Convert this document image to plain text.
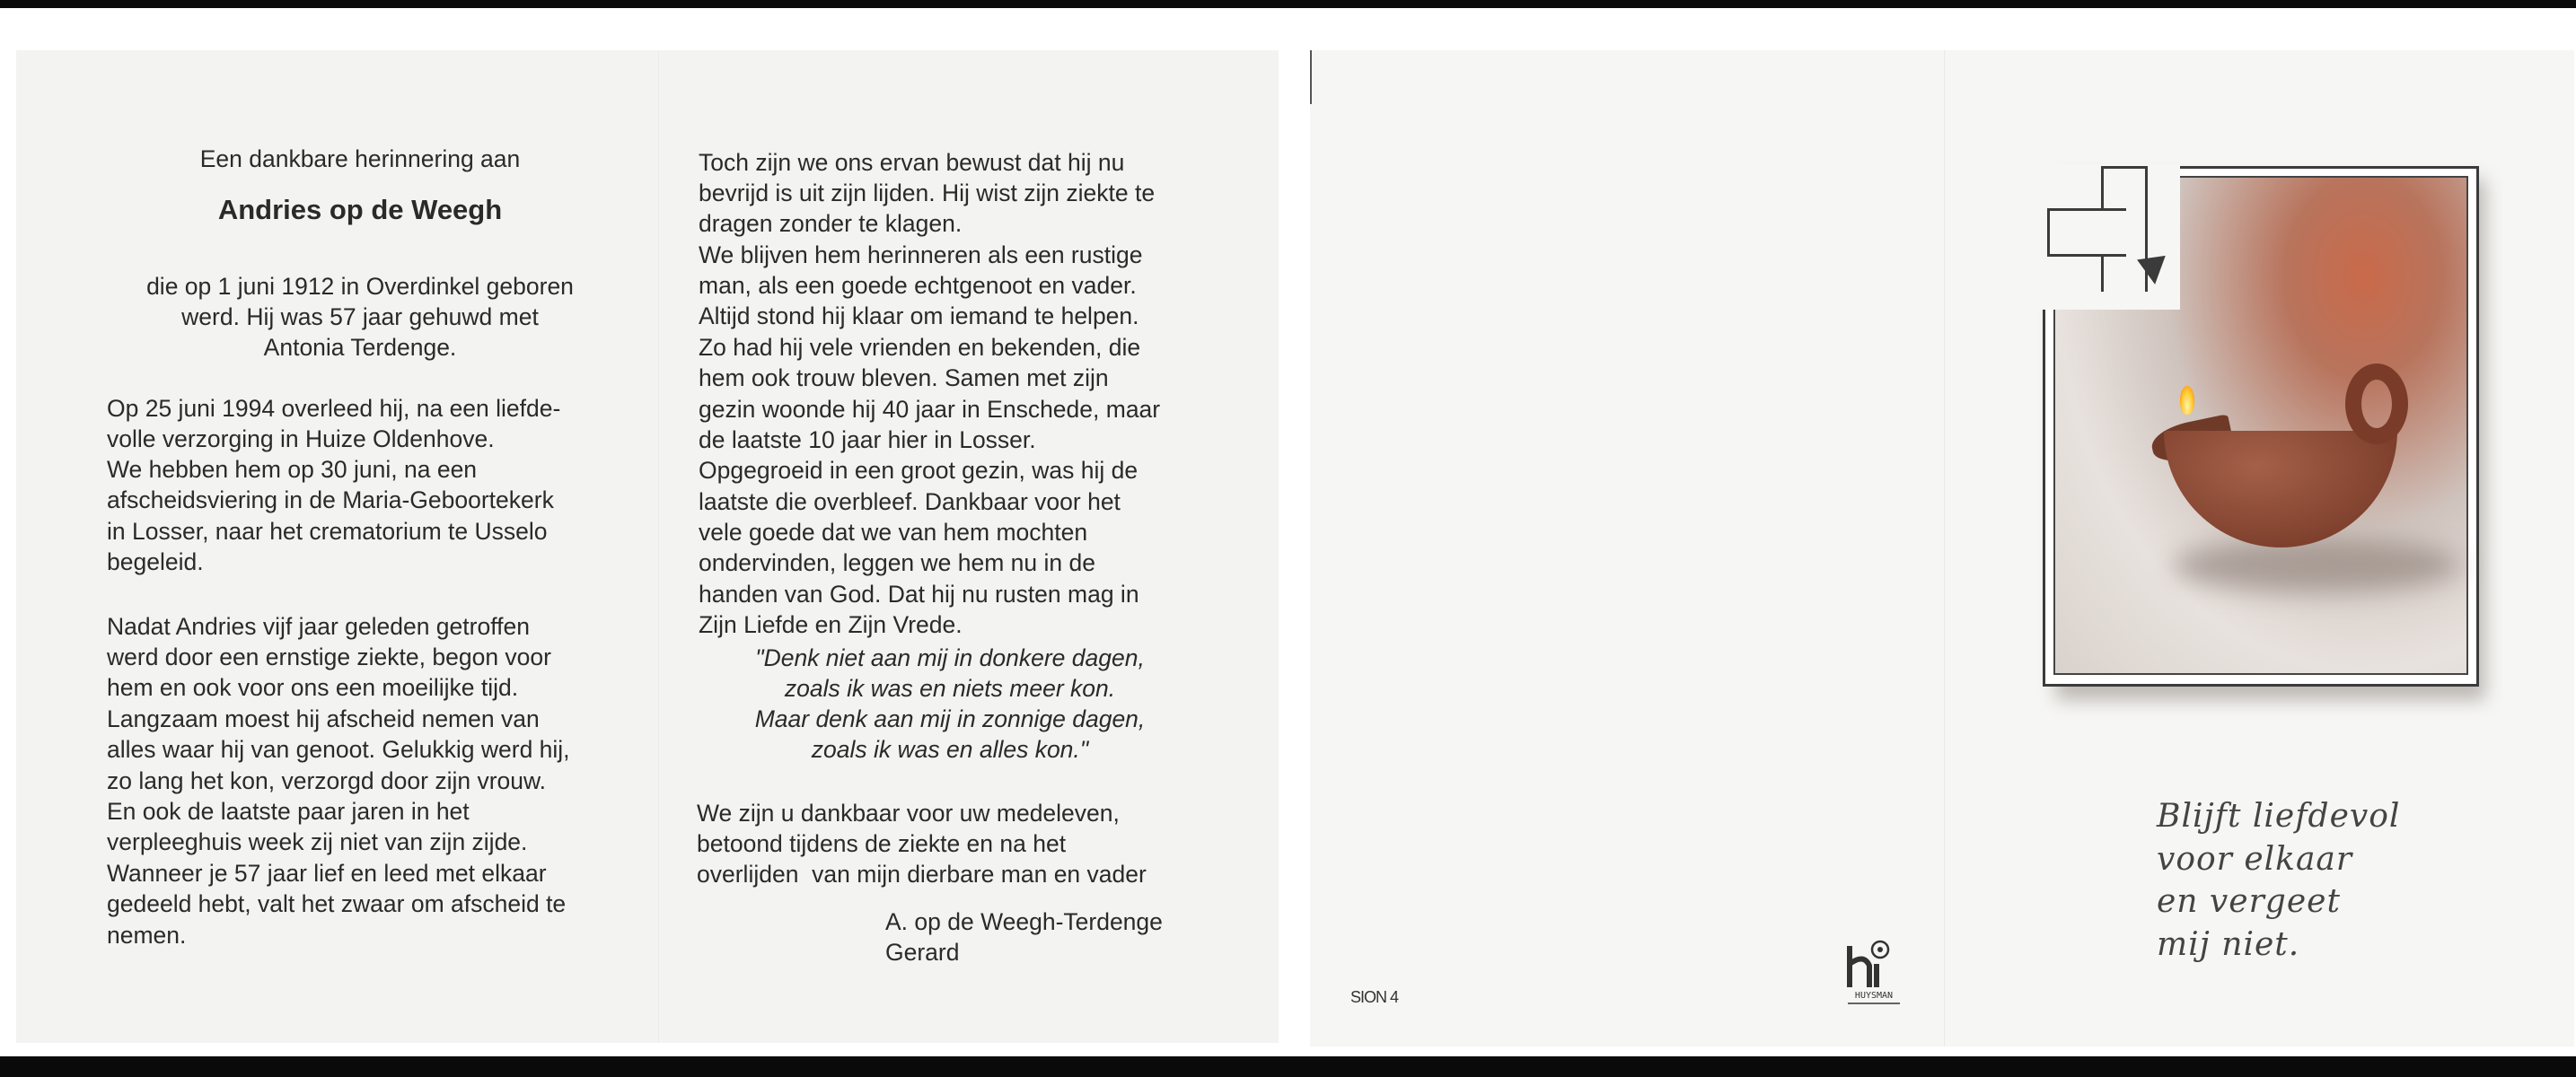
Een dankbare herinnering aan
Andries op de Weegh
die op 1 juni 1912 in Overdinkel geboren
werd. Hij was 57 jaar gehuwd met
Antonia Terdenge.
Op 25 juni 1994 overleed hij, na een liefde-
volle verzorging in Huize Oldenhove.
We hebben hem op 30 juni, na een
afscheidsviering in de Maria-Geboortekerk
in Losser, naar het crematorium te Usselo
begeleid.
Nadat Andries vijf jaar geleden getroffen
werd door een ernstige ziekte, begon voor
hem en ook voor ons een moeilijke tijd.
Langzaam moest hij afscheid nemen van
alles waar hij van genoot. Gelukkig werd hij,
zo lang het kon, verzorgd door zijn vrouw.
En ook de laatste paar jaren in het
verpleeghuis week zij niet van zijn zijde.
Wanneer je 57 jaar lief en leed met elkaar
gedeeld hebt, valt het zwaar om afscheid te
nemen.
Toch zijn we ons ervan bewust dat hij nu
bevrijd is uit zijn lijden. Hij wist zijn ziekte te
dragen zonder te klagen.
We blijven hem herinneren als een rustige
man, als een goede echtgenoot en vader.
Altijd stond hij klaar om iemand te helpen.
Zo had hij vele vrienden en bekenden, die
hem ook trouw bleven. Samen met zijn
gezin woonde hij 40 jaar in Enschede, maar
de laatste 10 jaar hier in Losser.
Opgegroeid in een groot gezin, was hij de
laatste die overbleef. Dankbaar voor het
vele goede dat we van hem mochten
ondervinden, leggen we hem nu in de
handen van God. Dat hij nu rusten mag in
Zijn Liefde en Zijn Vrede.
"Denk niet aan mij in donkere dagen,
zoals ik was en niets meer kon.
Maar denk aan mij in zonnige dagen,
zoals ik was en alles kon."
We zijn u dankbaar voor uw medeleven,
betoond tijdens de ziekte en na het
overlijden  van mijn dierbare man en vader
A. op de Weegh-Terdenge
Gerard
Blijft liefdevol
voor elkaar
en vergeet
mij niet.
SION 4	HUYSMAN
